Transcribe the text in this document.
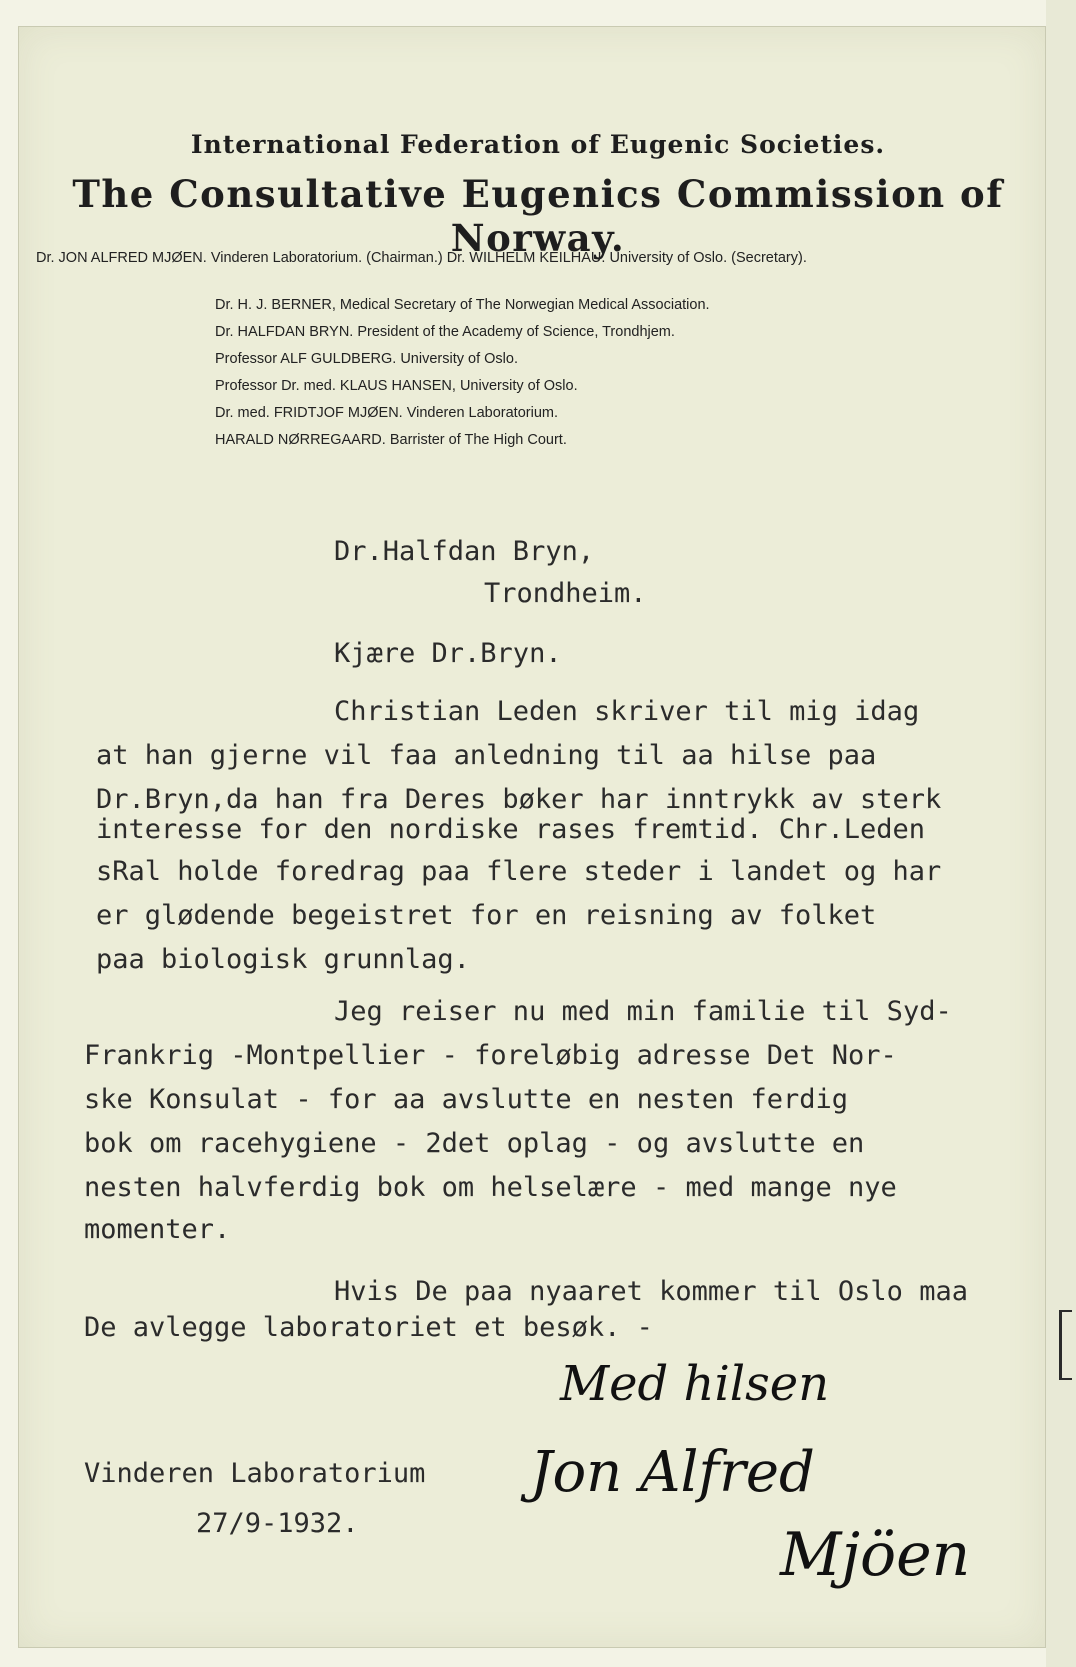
International Federation of Eugenic Societies.
The Consultative Eugenics Commission of Norway.
Dr. JON ALFRED MJØEN. Vinderen Laboratorium. (Chairman.) Dr. WILHELM KEILHAU. University of Oslo. (Secretary).
Dr. H. J. BERNER, Medical Secretary of The Norwegian Medical Association.
Dr. HALFDAN BRYN. President of the Academy of Science, Trondhjem.
Professor ALF GULDBERG. University of Oslo.
Professor Dr. med. KLAUS HANSEN, University of Oslo.
Dr. med. FRIDTJOF MJØEN. Vinderen Laboratorium.
HARALD NØRREGAARD. Barrister of The High Court.
Dr.Halfdan Bryn,
Trondheim.
Kjære Dr.Bryn.
Christian Leden skriver til mig idag
at han gjerne vil faa anledning til aa hilse paa
Dr.Bryn,da han fra Deres bøker har inntrykk av sterk
interesse for den nordiske rases fremtid. Chr.Leden
sRal holde foredrag paa flere steder i landet og har
er glødende begeistret for en reisning av folket
paa biologisk grunnlag.
Jeg reiser nu med min familie til Syd-
Frankrig -Montpellier - foreløbig adresse Det Nor-
ske Konsulat - for aa avslutte en nesten ferdig
bok om racehygiene - 2det oplag - og avslutte en
nesten halvferdig bok om helselære - med mange nye
momenter.
Hvis De paa nyaaret kommer til Oslo maa
De avlegge laboratoriet et besøk. -
Vinderen Laboratorium
27/9-1932.
Med hilsen
Jon Alfred
Mjöen
